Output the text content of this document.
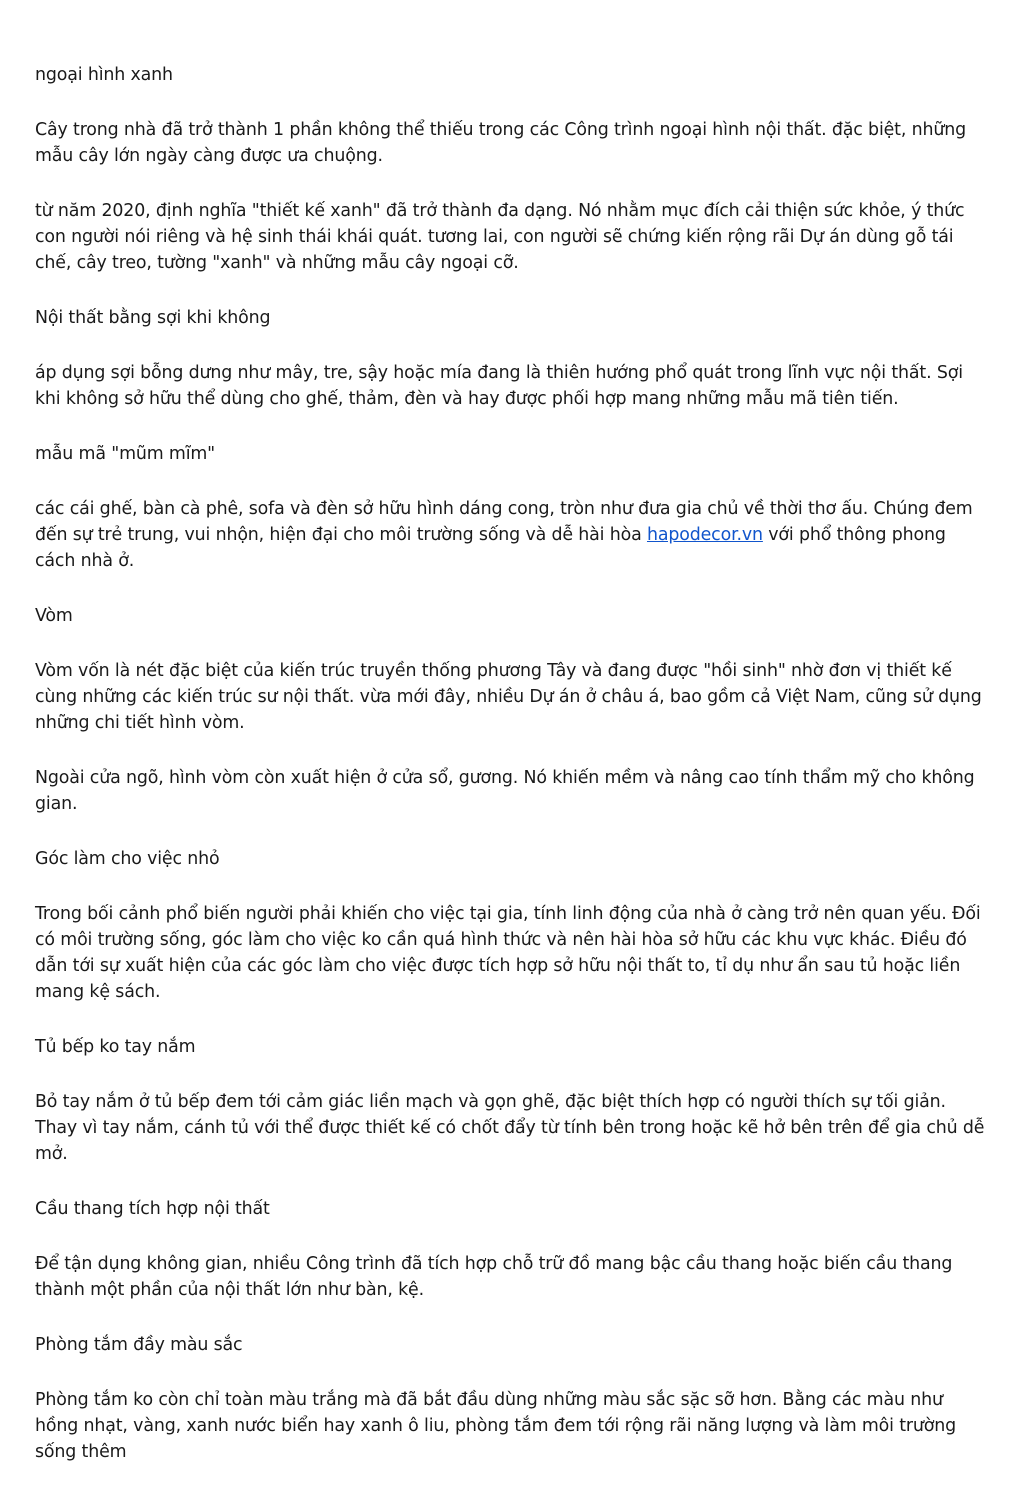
ngoại hình xanh

Cây trong nhà đã trở thành 1 phần không thể thiếu trong các Công trình ngoại hình nội thất. đặc biệt, những mẫu cây lớn ngày càng được ưa chuộng.

từ năm 2020, định nghĩa "thiết kế xanh" đã trở thành đa dạng. Nó nhằm mục đích cải thiện sức khỏe, ý thức con người nói riêng và hệ sinh thái khái quát. tương lai, con người sẽ chứng kiến rộng rãi Dự án dùng gỗ tái chế, cây treo, tường "xanh" và những mẫu cây ngoại cỡ.

Nội thất bằng sợi khi không

áp dụng sợi bỗng dưng như mây, tre, sậy hoặc mía đang là thiên hướng phổ quát trong lĩnh vực nội thất. Sợi khi không sở hữu thể dùng cho ghế, thảm, đèn và hay được phối hợp mang những mẫu mã tiên tiến.

mẫu mã "mũm mĩm"

các cái ghế, bàn cà phê, sofa và đèn sở hữu hình dáng cong, tròn như đưa gia chủ về thời thơ ấu. Chúng đem đến sự trẻ trung, vui nhộn, hiện đại cho môi trường sống và dễ hài hòa hapodecor.vn với phổ thông phong cách nhà ở.

Vòm

Vòm vốn là nét đặc biệt của kiến trúc truyền thống phương Tây và đang được "hồi sinh" nhờ đơn vị thiết kế cùng những các kiến trúc sư nội thất. vừa mới đây, nhiều Dự án ở châu á, bao gồm cả Việt Nam, cũng sử dụng những chi tiết hình vòm.

Ngoài cửa ngõ, hình vòm còn xuất hiện ở cửa sổ, gương. Nó khiến mềm và nâng cao tính thẩm mỹ cho không gian.

Góc làm cho việc nhỏ

Trong bối cảnh phổ biến người phải khiến cho việc tại gia, tính linh động của nhà ở càng trở nên quan yếu. Đối có môi trường sống, góc làm cho việc ko cần quá hình thức và nên hài hòa sở hữu các khu vực khác. Điều đó dẫn tới sự xuất hiện của các góc làm cho việc được tích hợp sở hữu nội thất to, tỉ dụ như ẩn sau tủ hoặc liền mang kệ sách.

Tủ bếp ko tay nắm

Bỏ tay nắm ở tủ bếp đem tới cảm giác liền mạch và gọn ghẽ, đặc biệt thích hợp có người thích sự tối giản. Thay vì tay nắm, cánh tủ với thể được thiết kế có chốt đẩy từ tính bên trong hoặc kẽ hở bên trên để gia chủ dễ mở.

Cầu thang tích hợp nội thất

Để tận dụng không gian, nhiều Công trình đã tích hợp chỗ trữ đồ mang bậc cầu thang hoặc biến cầu thang thành một phần của nội thất lớn như bàn, kệ.

Phòng tắm đầy màu sắc

Phòng tắm ko còn chỉ toàn màu trắng mà đã bắt đầu dùng những màu sắc sặc sỡ hơn. Bằng các màu như hồng nhạt, vàng, xanh nước biển hay xanh ô liu, phòng tắm đem tới rộng rãi năng lượng và làm môi trường sống thêm
